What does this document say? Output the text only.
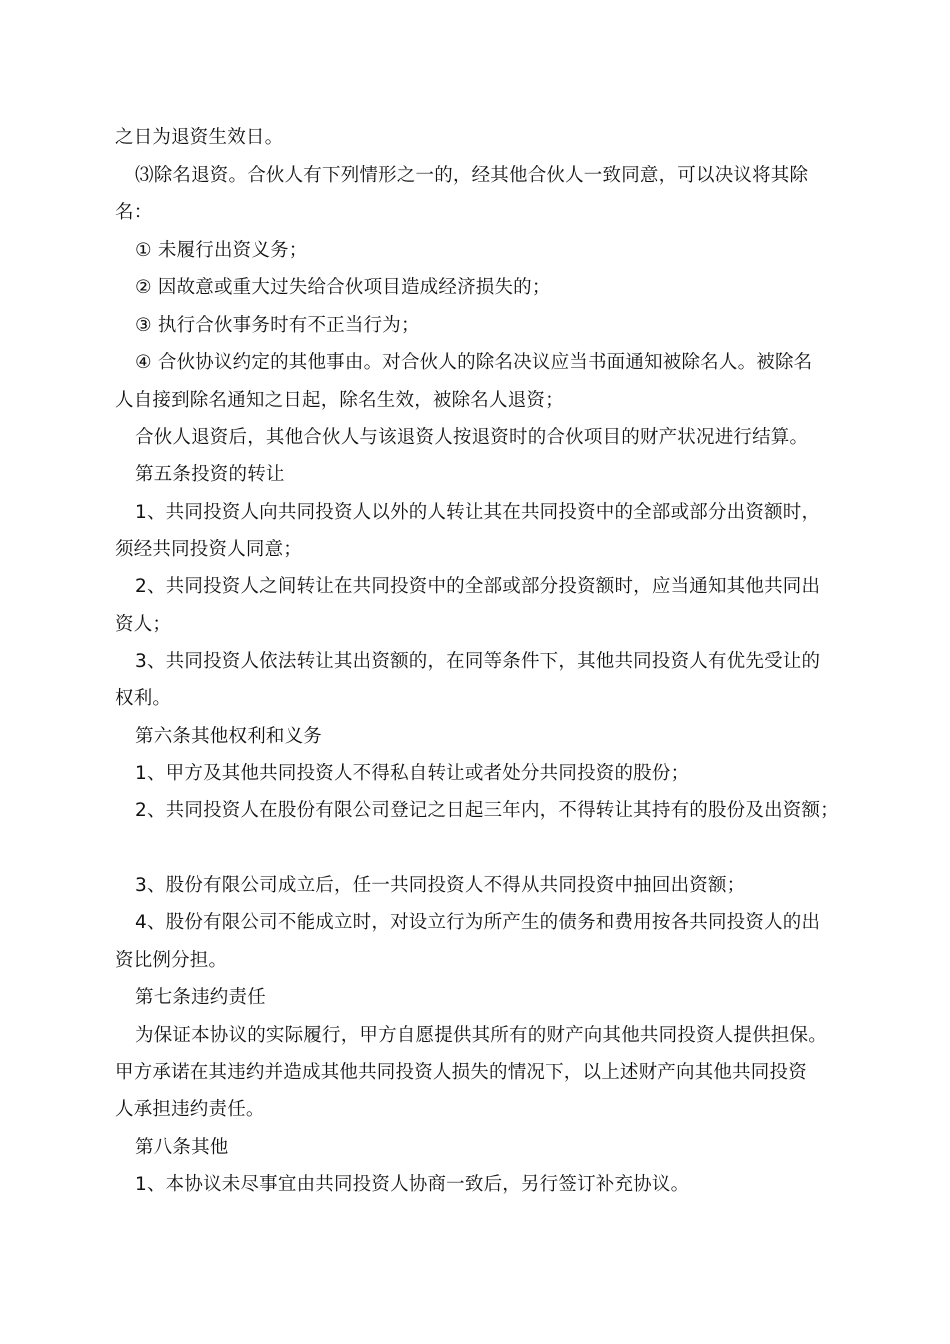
之日为退资生效日。
⑶除名退资。合伙人有下列情形之一的，经其他合伙人一致同意，可以决议将其除
名：
① 未履行出资义务；
② 因故意或重大过失给合伙项目造成经济损失的；
③ 执行合伙事务时有不正当行为；
④ 合伙协议约定的其他事由。对合伙人的除名决议应当书面通知被除名人。被除名
人自接到除名通知之日起，除名生效，被除名人退资；
合伙人退资后，其他合伙人与该退资人按退资时的合伙项目的财产状况进行结算。
第五条投资的转让
1、共同投资人向共同投资人以外的人转让其在共同投资中的全部或部分出资额时，
须经共同投资人同意；
2、共同投资人之间转让在共同投资中的全部或部分投资额时，应当通知其他共同出
资人；
3、共同投资人依法转让其出资额的，在同等条件下，其他共同投资人有优先受让的
权利。
第六条其他权利和义务
1、甲方及其他共同投资人不得私自转让或者处分共同投资的股份；
2、共同投资人在股份有限公司登记之日起三年内，不得转让其持有的股份及出资额；
3、股份有限公司成立后，任一共同投资人不得从共同投资中抽回出资额；
4、股份有限公司不能成立时，对设立行为所产生的债务和费用按各共同投资人的出
资比例分担。
第七条违约责任
为保证本协议的实际履行，甲方自愿提供其所有的财产向其他共同投资人提供担保。
甲方承诺在其违约并造成其他共同投资人损失的情况下，以上述财产向其他共同投资
人承担违约责任。
第八条其他
1、本协议未尽事宜由共同投资人协商一致后，另行签订补充协议。
